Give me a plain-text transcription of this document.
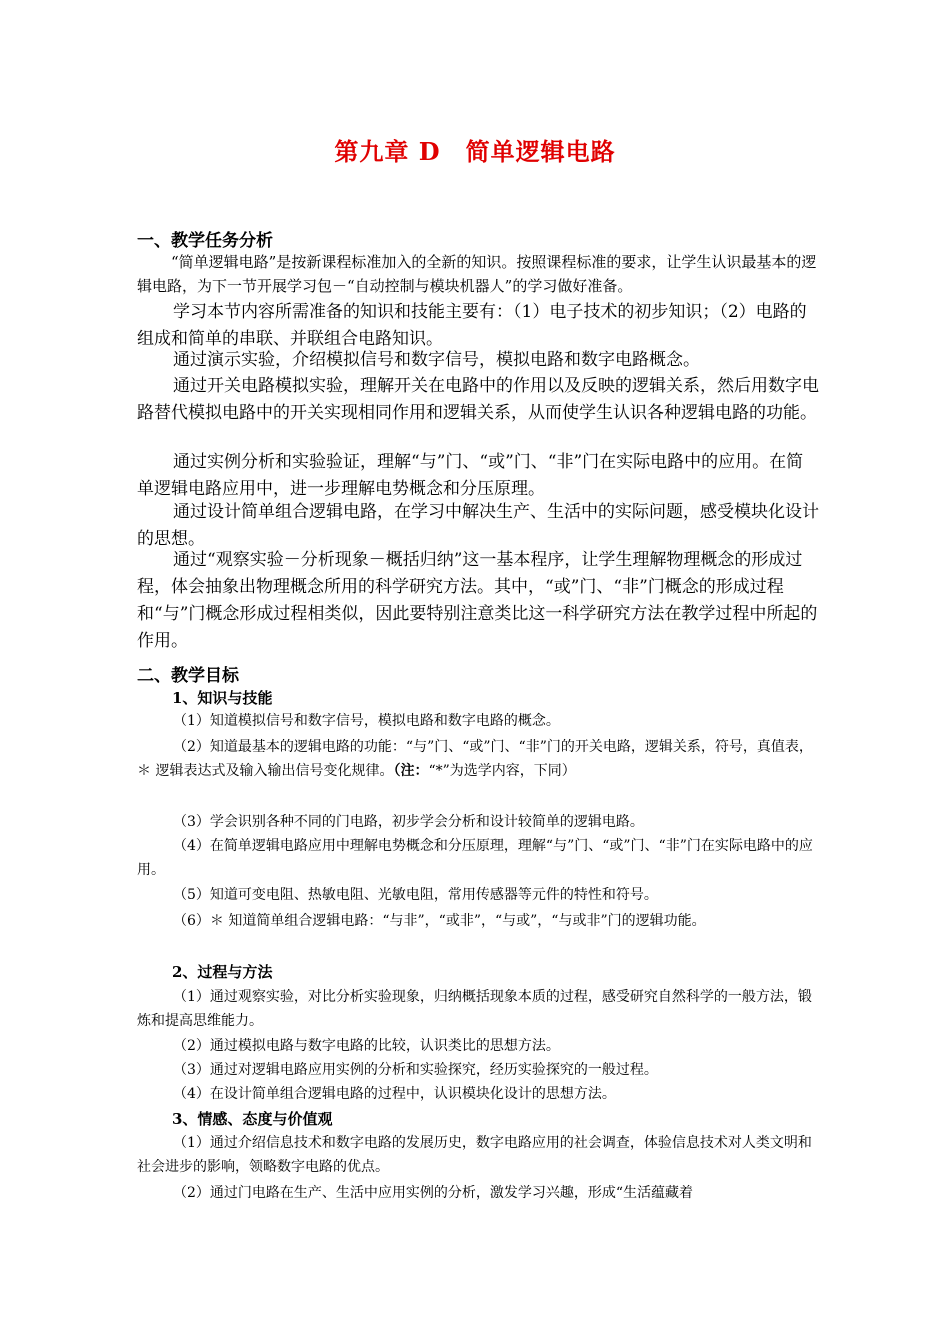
第九章 D　简单逻辑电路
一、教学任务分析

“简单逻辑电路”是按新课程标准加入的全新的知识。按照课程标准的要求，让学生认识最基本的逻辑电路，为下一节开展学习包－“自动控制与模块机器人”的学习做好准备。

学习本节内容所需准备的知识和技能主要有：（1）电子技术的初步知识；（2）电路的组成和简单的串联、并联组合电路知识。

通过演示实验，介绍模拟信号和数字信号，模拟电路和数字电路概念。

通过开关电路模拟实验，理解开关在电路中的作用以及反映的逻辑关系，然后用数字电路替代模拟电路中的开关实现相同作用和逻辑关系，从而使学生认识各种逻辑电路的功能。

通过实例分析和实验验证，理解“与”门、“或”门、“非”门在实际电路中的应用。在简单逻辑电路应用中，进一步理解电势概念和分压原理。

通过设计简单组合逻辑电路，在学习中解决生产、生活中的实际问题，感受模块化设计的思想。

通过“观察实验－分析现象－概括归纳”这一基本程序，让学生理解物理概念的形成过程，体会抽象出物理概念所用的科学研究方法。其中，“或”门、“非”门概念的形成过程和“与”门概念形成过程相类似，因此要特别注意类比这一科学研究方法在教学过程中所起的作用。

二、教学目标
1、知识与技能

（1）知道模拟信号和数字信号，模拟电路和数字电路的概念。

（2）知道最基本的逻辑电路的功能：“与”门、“或”门、“非”门的开关电路，逻辑关系，符号，真值表，＊ 逻辑表达式及输入输出信号变化规律。（注：“*”为选学内容，下同）

（3）学会识别各种不同的门电路，初步学会分析和设计较简单的逻辑电路。

（4）在简单逻辑电路应用中理解电势概念和分压原理，理解“与”门、“或”门、“非”门在实际电路中的应用。

（5）知道可变电阻、热敏电阻、光敏电阻，常用传感器等元件的特性和符号。

（6）＊ 知道简单组合逻辑电路：“与非”，“或非”，“与或”，“与或非”门的逻辑功能。

2、过程与方法

（1）通过观察实验，对比分析实验现象，归纳概括现象本质的过程，感受研究自然科学的一般方法，锻炼和提高思维能力。

（2）通过模拟电路与数字电路的比较，认识类比的思想方法。

（3）通过对逻辑电路应用实例的分析和实验探究，经历实验探究的一般过程。

（4）在设计简单组合逻辑电路的过程中，认识模块化设计的思想方法。

3、情感、态度与价值观

（1）通过介绍信息技术和数字电路的发展历史，数字电路应用的社会调查，体验信息技术对人类文明和社会进步的影响，领略数字电路的优点。

（2）通过门电路在生产、生活中应用实例的分析，激发学习兴趣，形成“生活蕴藏着
